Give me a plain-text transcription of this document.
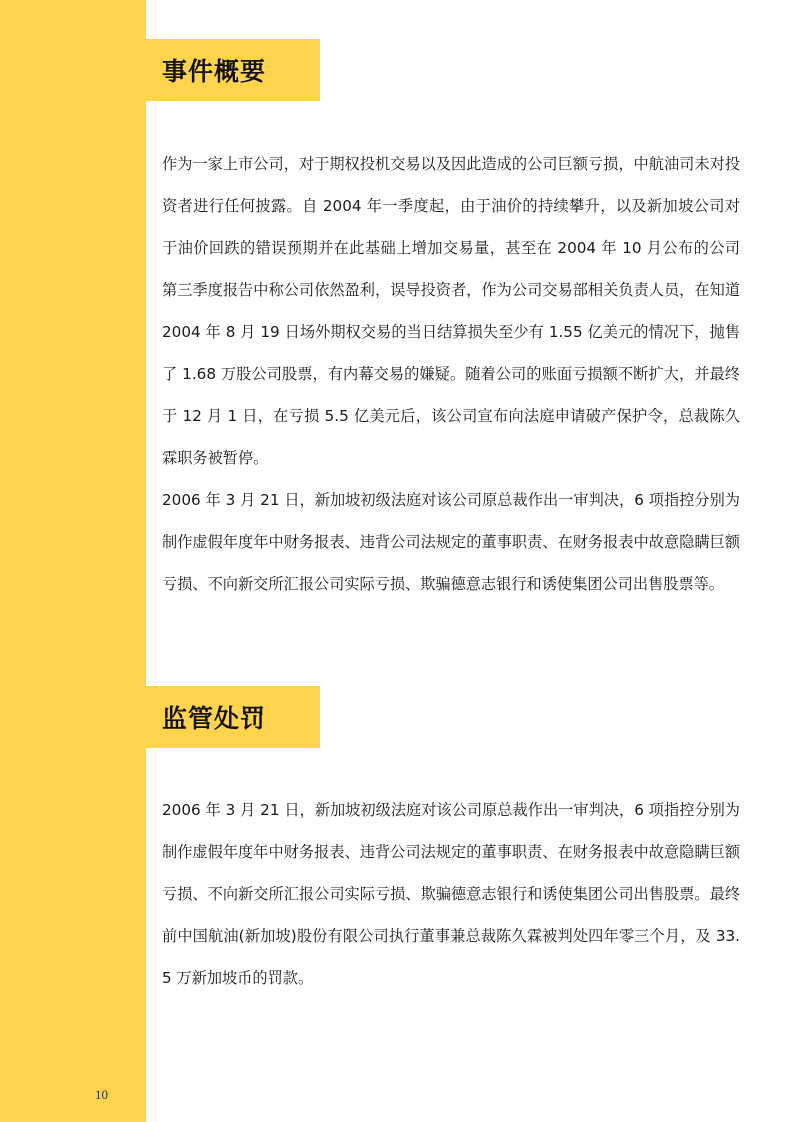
事件概要

作为一家上市公司，对于期权投机交易以及因此造成的公司巨额亏损，中航油司未对投资者进行任何披露。自 2004 年一季度起，由于油价的持续攀升，以及新加坡公司对于油价回跌的错误预期并在此基础上增加交易量，甚至在 2004 年 10 月公布的公司第三季度报告中称公司依然盈利，误导投资者，作为公司交易部相关负责人员，在知道 2004 年 8 月 19 日场外期权交易的当日结算损失至少有 1.55 亿美元的情况下，抛售了 1.68 万股公司股票，有内幕交易的嫌疑。随着公司的账面亏损额不断扩大，并最终于 12 月 1 日，在亏损 5.5 亿美元后，该公司宣布向法庭申请破产保护令，总裁陈久霖职务被暂停。

2006 年 3 月 21 日，新加坡初级法庭对该公司原总裁作出一审判决，6 项指控分别为制作虚假年度年中财务报表、违背公司法规定的董事职责、在财务报表中故意隐瞒巨额亏损、不向新交所汇报公司实际亏损、欺骗德意志银行和诱使集团公司出售股票等。

监管处罚

2006 年 3 月 21 日，新加坡初级法庭对该公司原总裁作出一审判决，6 项指控分别为制作虚假年度年中财务报表、违背公司法规定的董事职责、在财务报表中故意隐瞒巨额亏损、不向新交所汇报公司实际亏损、欺骗德意志银行和诱使集团公司出售股票。最终前中国航油(新加坡)股份有限公司执行董事兼总裁陈久霖被判处四年零三个月，及 33.5 万新加坡币的罚款。

10
